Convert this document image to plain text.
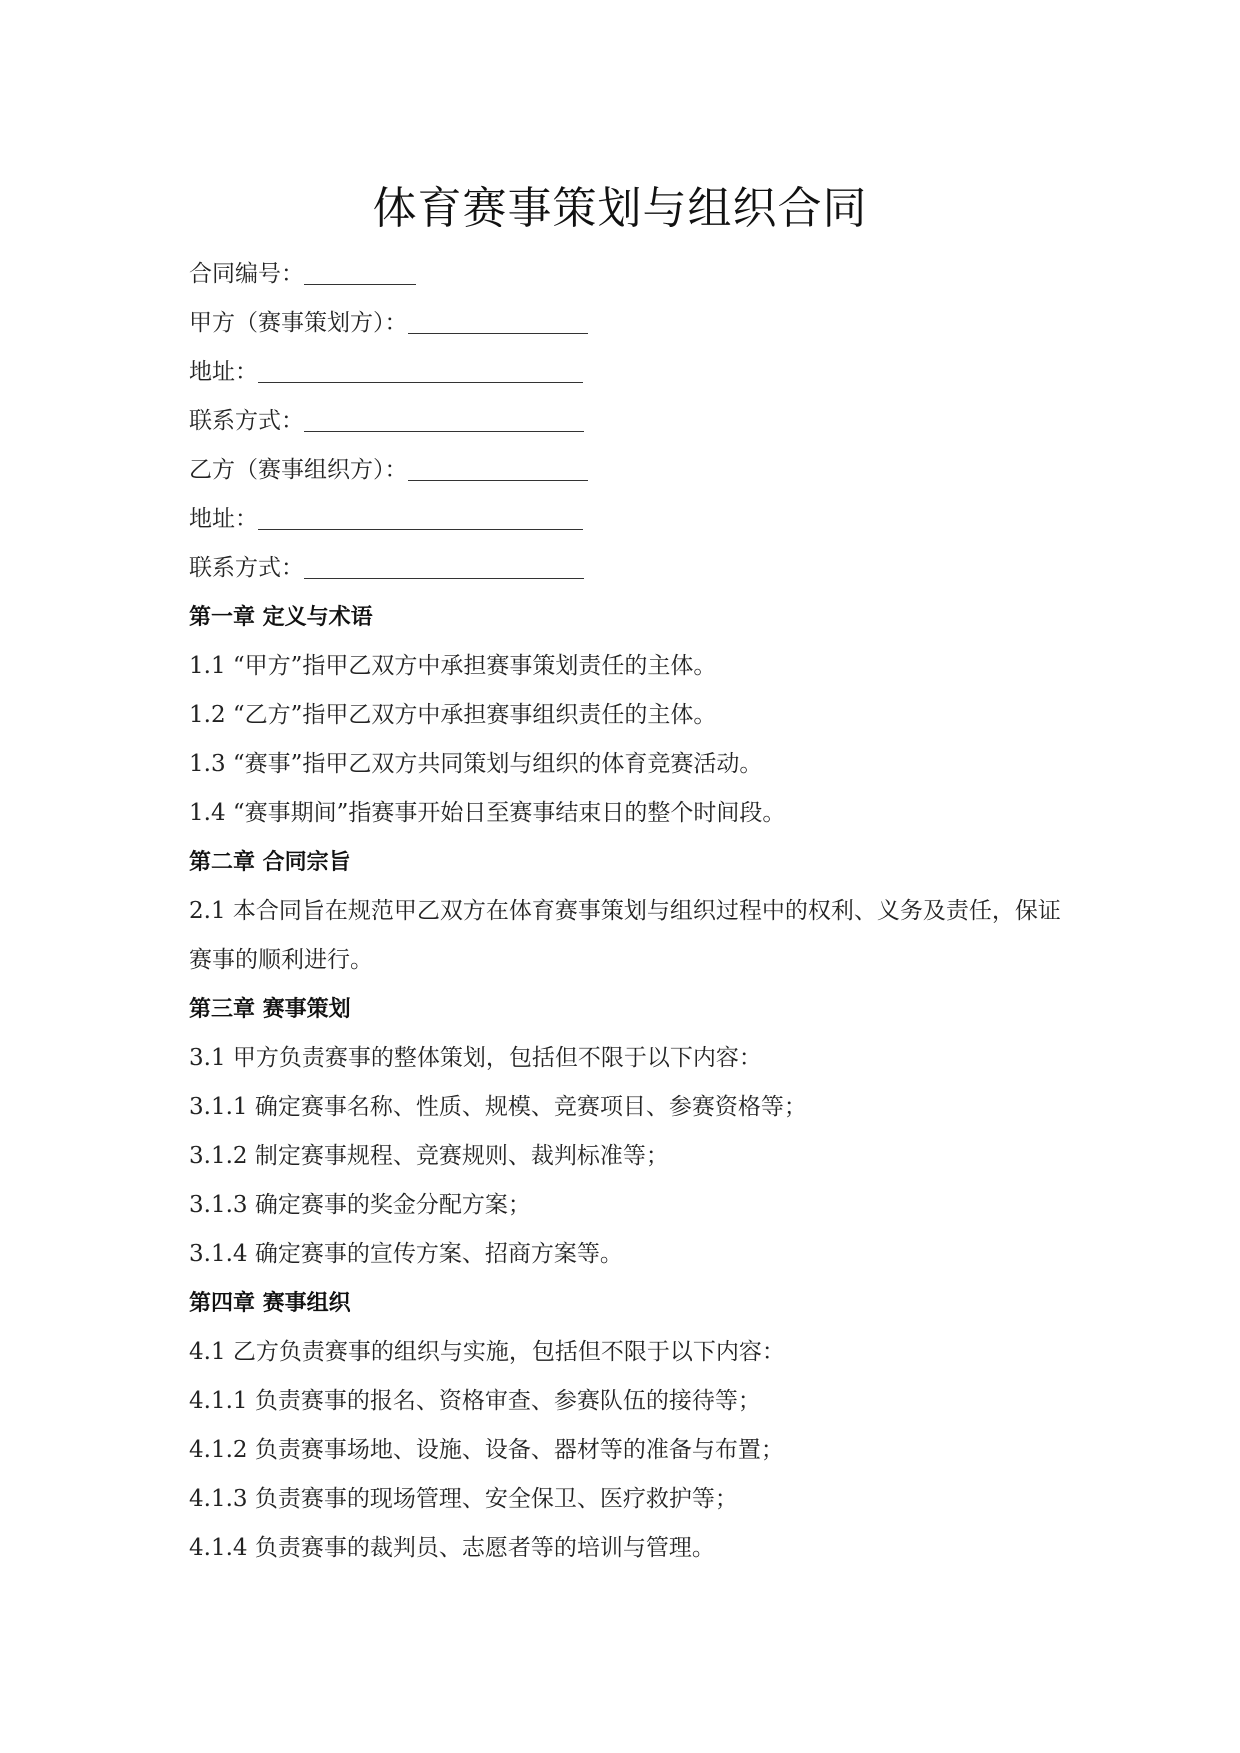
体育赛事策划与组织合同
合同编号：
甲方（赛事策划方）：
地址：
联系方式：
乙方（赛事组织方）：
地址：
联系方式：
第一章 定义与术语
1.1 “甲方”指甲乙双方中承担赛事策划责任的主体。
1.2 “乙方”指甲乙双方中承担赛事组织责任的主体。
1.3 “赛事”指甲乙双方共同策划与组织的体育竞赛活动。
1.4 “赛事期间”指赛事开始日至赛事结束日的整个时间段。
第二章 合同宗旨
2.1 本合同旨在规范甲乙双方在体育赛事策划与组织过程中的权利、义务及责任，保证赛事的顺利进行。
第三章 赛事策划
3.1 甲方负责赛事的整体策划，包括但不限于以下内容：
3.1.1 确定赛事名称、性质、规模、竞赛项目、参赛资格等；
3.1.2 制定赛事规程、竞赛规则、裁判标准等；
3.1.3 确定赛事的奖金分配方案；
3.1.4 确定赛事的宣传方案、招商方案等。
第四章 赛事组织
4.1 乙方负责赛事的组织与实施，包括但不限于以下内容：
4.1.1 负责赛事的报名、资格审查、参赛队伍的接待等；
4.1.2 负责赛事场地、设施、设备、器材等的准备与布置；
4.1.3 负责赛事的现场管理、安全保卫、医疗救护等；
4.1.4 负责赛事的裁判员、志愿者等的培训与管理。
